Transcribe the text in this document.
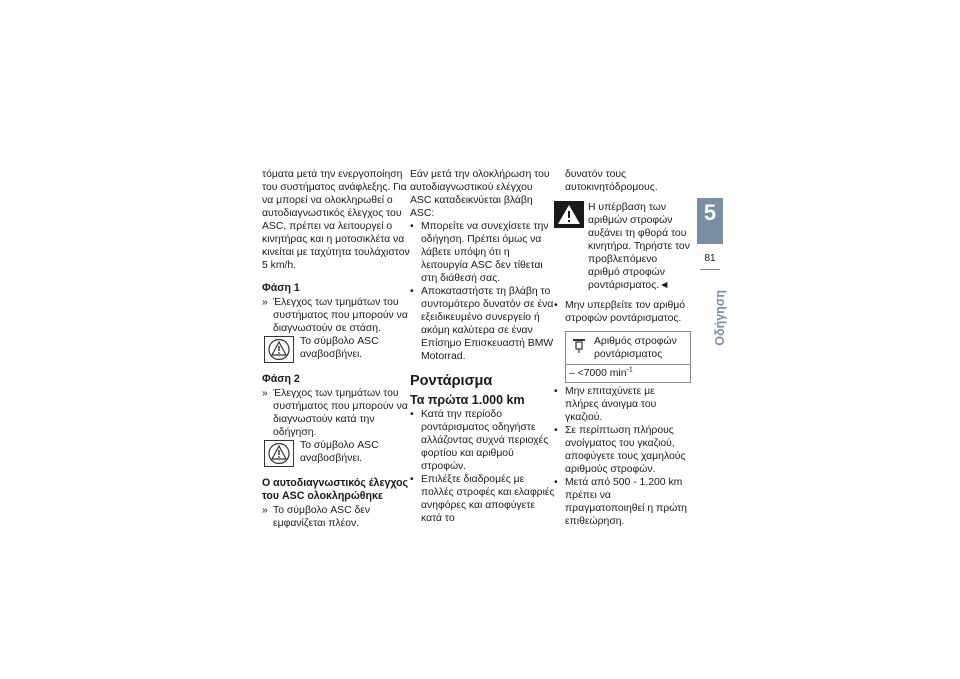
τόματα μετά την ενεργοποίηση του συστήματος ανάφλεξης. Για να μπορεί να ολοκληρωθεί ο αυτοδιαγνωστικός έλεγχος του ASC, πρέπει να λειτουργεί ο κινητήρας και η μοτοσικλέτα να κινείται με ταχύτητα τουλάχιστον 5 km/h.

Φάση 1
» Έλεγχος των τμημάτων του συστήματος που μπορούν να διαγνωστούν σε στάση.
Το σύμβολο ASC αναβοσβήνει.
Φάση 2
» Έλεγχος των τμημάτων του συστήματος που μπορούν να διαγνωστούν κατά την οδήγηση.
Το σύμβολο ASC αναβοσβήνει.
Ο αυτοδιαγνωστικός έλεγχος του ASC ολοκληρώθηκε
» Το σύμβολο ASC δεν εμφανίζεται πλέον.

Εάν μετά την ολοκλήρωση του αυτοδιαγνωστικού ελέγχου ASC καταδεικνύεται βλάβη ASC:

• Μπορείτε να συνεχίσετε την οδήγηση. Πρέπει όμως να λάβετε υπόψη ότι η λειτουργία ASC δεν τίθεται στη διάθεσή σας.
• Αποκαταστήστε τη βλάβη το συντομότερο δυνατόν σε ένα εξειδικευμένο συνεργείο ή ακόμη καλύτερα σε έναν Επίσημο Επισκευαστή BMW Motorrad.
Ροντάρισμα
Τα πρώτα 1.000 km
• Κατά την περίοδο ροντάρισματος οδηγήστε αλλάζοντας συχνά περιοχές φορτίου και αριθμού στροφών.
• Επιλέξτε διαδρομές με πολλές στροφές και ελαφριές ανηφόρες και αποφύγετε κατά το

δυνατόν τους αυτοκινητόδρομους.

Η υπέρβαση των αριθμών στροφών αυξάνει τη φθορά του κινητήρα. Τηρήστε τον προβλεπόμενο αριθμό στροφών ροντάρισματος.◄
• Μην υπερβείτε τον αριθμό στροφών ροντάρισματος.
Αριθμός στροφών ροντάρισματος
– <7000 $\min^{-1}$
• Μην επιταχύνετε με πλήρες άνοιγμα του γκαζιού.
• Σε περίπτωση πλήρους ανοίγματος του γκαζιού, αποφύγετε τους χαμηλούς αριθμούς στροφών.
• Μετά από 500 - 1.200 km πρέπει να πραγματοποιηθεί η πρώτη επιθεώρηση.
5
81
Οδήγηση
